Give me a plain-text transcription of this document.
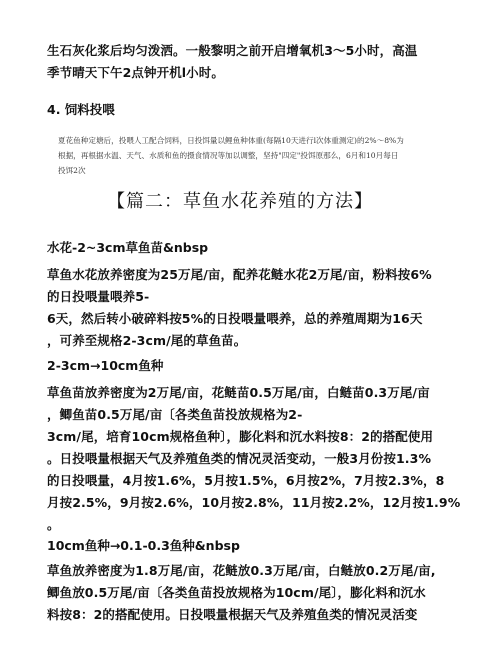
生石灰化浆后均匀泼洒。一般黎明之前开启增氧机3～5小时，高温
季节晴天下午2点钟开机l小时。
4. 饲料投喂
夏花鱼种定塘后，投喂人工配合饲料，日投饵量以鲤鱼种体重(每隔10天进行l次体重测定)的2%～8%为
根据，再根据水温、天气、水质和鱼的摄食情况等加以调整，坚持"四定"投饵原那么，6月和10月每日
投饵2次
【篇二：草鱼水花养殖的方法】
水花-2~3cm草鱼苗&nbsp
草鱼水花放养密度为25万尾/亩，配养花鲢水花2万尾/亩，粉料按6%
的日投喂量喂养5-
6天，然后转小破碎料按5%的日投喂量喂养，总的养殖周期为16天
，可养至规格2-3cm/尾的草鱼苗。
2-3cm→10cm鱼种
草鱼苗放养密度为2万尾/亩，花鲢苗0.5万尾/亩，白鲢苗0.3万尾/亩
，鲫鱼苗0.5万尾/亩〔各类鱼苗投放规格为2-
3cm/尾，培育10cm规格鱼种〕，膨化料和沉水料按8：2的搭配使用
。日投喂量根据天气及养殖鱼类的情况灵活变动，一般3月份按1.3%
的日投喂量，4月按1.6%，5月按1.5%，6月按2%，7月按2.3%，8
月按2.5%，9月按2.6%，10月按2.8%，11月按2.2%，12月按1.9%
。
10cm鱼种→0.1-0.3鱼种&nbsp
草鱼放养密度为1.8万尾/亩，花鲢放0.3万尾/亩，白鲢放0.2万尾/亩,
鲫鱼放0.5万尾/亩〔各类鱼苗投放规格为10cm/尾〕，膨化料和沉水
料按8：2的搭配使用。日投喂量根据天气及养殖鱼类的情况灵活变
